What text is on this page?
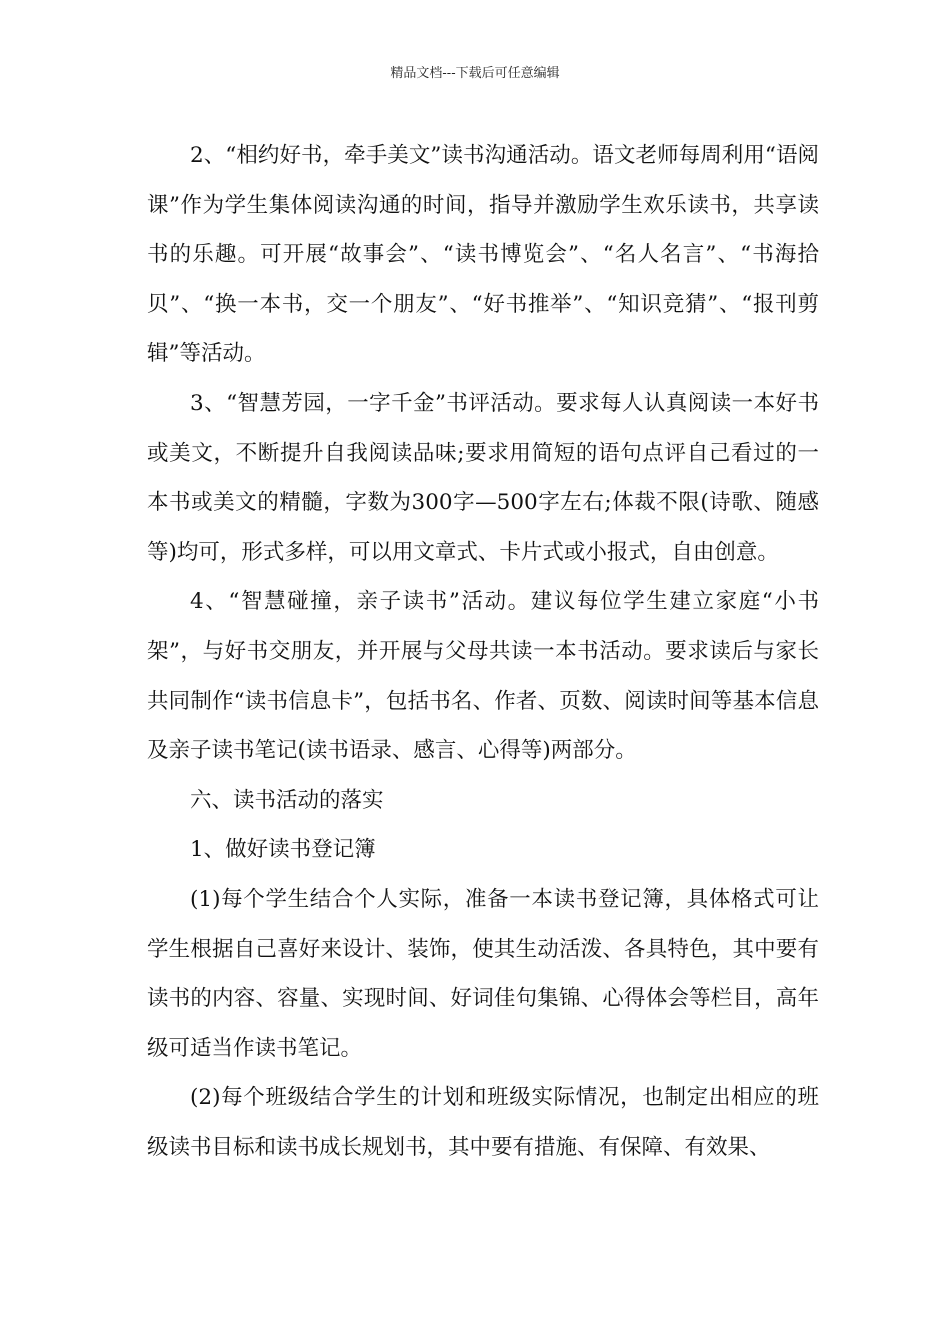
精品文档---下载后可任意编辑

2、“相约好书，牵手美文”读书沟通活动。语文老师每周利用“语阅课”作为学生集体阅读沟通的时间，指导并激励学生欢乐读书，共享读书的乐趣。可开展“故事会”、“读书博览会”、“名人名言”、“书海拾贝”、“换一本书，交一个朋友”、“好书推举”、“知识竞猜”、“报刊剪辑”等活动。

3、“智慧芳园，一字千金”书评活动。要求每人认真阅读一本好书或美文，不断提升自我阅读品味;要求用简短的语句点评自己看过的一本书或美文的精髓，字数为300字—500字左右;体裁不限(诗歌、随感等)均可，形式多样，可以用文章式、卡片式或小报式，自由创意。

4、“智慧碰撞，亲子读书”活动。建议每位学生建立家庭“小书架”，与好书交朋友，并开展与父母共读一本书活动。要求读后与家长共同制作“读书信息卡”，包括书名、作者、页数、阅读时间等基本信息及亲子读书笔记(读书语录、感言、心得等)两部分。

六、读书活动的落实

1、做好读书登记簿

(1)每个学生结合个人实际，准备一本读书登记簿，具体格式可让学生根据自己喜好来设计、装饰，使其生动活泼、各具特色，其中要有读书的内容、容量、实现时间、好词佳句集锦、心得体会等栏目，高年级可适当作读书笔记。

(2)每个班级结合学生的计划和班级实际情况，也制定出相应的班级读书目标和读书成长规划书，其中要有措施、有保障、有效果、
